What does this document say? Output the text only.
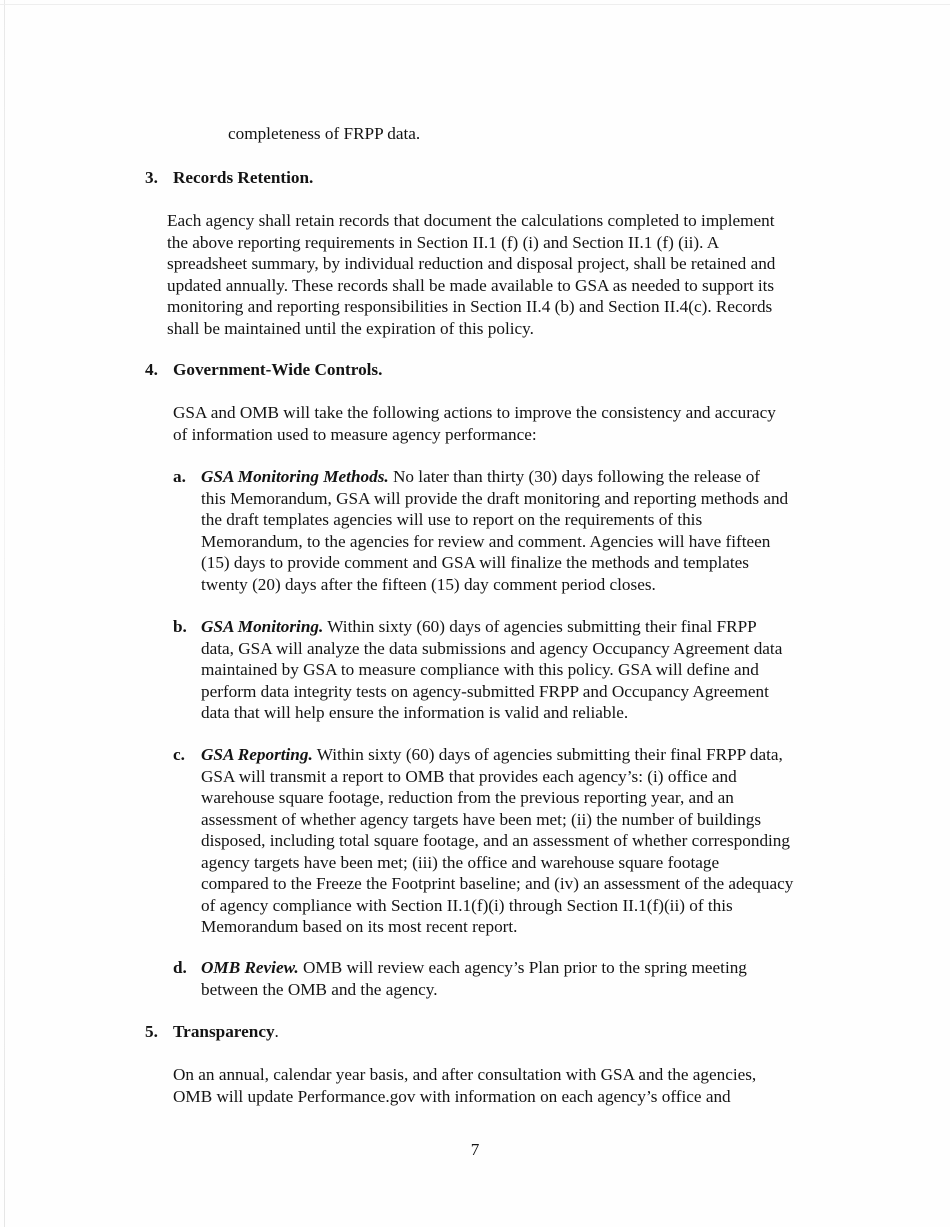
completeness of FRPP data.

3. Records Retention.

Each agency shall retain records that document the calculations completed to implement

the above reporting requirements in Section II.1 (f) (i) and Section II.1 (f) (ii). A

spreadsheet summary, by individual reduction and disposal project, shall be retained and

updated annually. These records shall be made available to GSA as needed to support its

monitoring and reporting responsibilities in Section II.4 (b) and Section II.4(c). Records

shall be maintained until the expiration of this policy.

4. Government-Wide Controls.

GSA and OMB will take the following actions to improve the consistency and accuracy

of information used to measure agency performance:

a. GSA Monitoring Methods. No later than thirty (30) days following the release of

this Memorandum, GSA will provide the draft monitoring and reporting methods and

the draft templates agencies will use to report on the requirements of this

Memorandum, to the agencies for review and comment. Agencies will have fifteen

(15) days to provide comment and GSA will finalize the methods and templates

twenty (20) days after the fifteen (15) day comment period closes.

b. GSA Monitoring. Within sixty (60) days of agencies submitting their final FRPP

data, GSA will analyze the data submissions and agency Occupancy Agreement data

maintained by GSA to measure compliance with this policy. GSA will define and

perform data integrity tests on agency-submitted FRPP and Occupancy Agreement

data that will help ensure the information is valid and reliable.

c. GSA Reporting. Within sixty (60) days of agencies submitting their final FRPP data,

GSA will transmit a report to OMB that provides each agency’s: (i) office and

warehouse square footage, reduction from the previous reporting year, and an

assessment of whether agency targets have been met; (ii) the number of buildings

disposed, including total square footage, and an assessment of whether corresponding

agency targets have been met; (iii) the office and warehouse square footage

compared to the Freeze the Footprint baseline; and (iv) an assessment of the adequacy

of agency compliance with Section II.1(f)(i) through Section II.1(f)(ii) of this

Memorandum based on its most recent report.

d. OMB Review. OMB will review each agency’s Plan prior to the spring meeting

between the OMB and the agency.

5. Transparency.

On an annual, calendar year basis, and after consultation with GSA and the agencies,

OMB will update Performance.gov with information on each agency’s office and

7
